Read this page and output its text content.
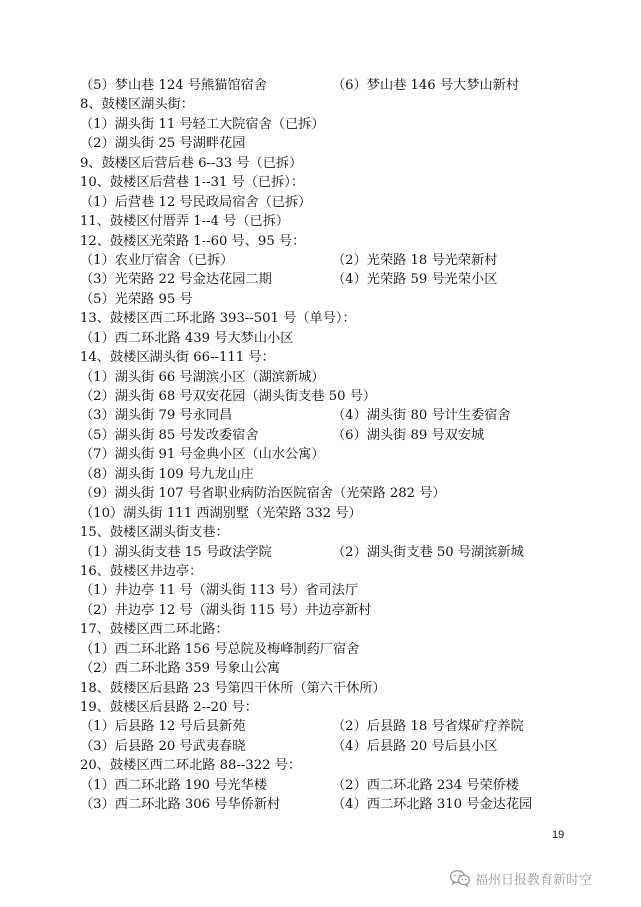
（5）梦山巷 124 号熊猫馆宿舍	（6）梦山巷 146 号大梦山新村
8、鼓楼区湖头街：
（1）湖头街 11 号轻工大院宿舍（已拆）
（2）湖头街 25 号湖畔花园
9、鼓楼区后营后巷 6--33 号（已拆）
10、鼓楼区后营巷 1--31 号（已拆）：
（1）后营巷 12 号民政局宿舍（已拆）
11、鼓楼区付厝弄 1--4 号（已拆）
12、鼓楼区光荣路 1--60 号、95 号：
（1）农业厅宿舍（已拆）	（2）光荣路 18 号光荣新村
（3）光荣路 22 号金达花园二期	（4）光荣路 59 号光荣小区
（5）光荣路 95 号
13、鼓楼区西二环北路 393--501 号（单号）：
（1）西二环北路 439 号大梦山小区
14、鼓楼区湖头街 66--111 号：
（1）湖头街 66 号湖滨小区（湖滨新城）
（2）湖头街 68 号双安花园（湖头街支巷 50 号）
（3）湖头街 79 号永同昌	（4）湖头街 80 号计生委宿舍
（5）湖头街 85 号发改委宿舍	（6）湖头街 89 号双安城
（7）湖头街 91 号金典小区（山水公寓）
（8）湖头街 109 号九龙山庄
（9）湖头街 107 号省职业病防治医院宿舍（光荣路 282 号）
（10）湖头街 111 西湖别墅（光荣路 332 号）
15、鼓楼区湖头街支巷：
（1）湖头街支巷 15 号政法学院	（2）湖头街支巷 50 号湖滨新城
16、鼓楼区井边亭：
（1）井边亭 11 号（湖头街 113 号）省司法厅
（2）井边亭 12 号（湖头街 115 号）井边亭新村
17、鼓楼区西二环北路：
（1）西二环北路 156 号总院及梅峰制药厂宿舍
（2）西二环北路 359 号象山公寓
18、鼓楼区后县路 23 号第四干休所（第六干休所）
19、鼓楼区后县路 2--20 号：
（1）后县路 12 号后县新苑	（2）后县路 18 号省煤矿疗养院
（3）后县路 20 号武夷春晓	（4）后县路 20 号后县小区
20、鼓楼区西二环北路 88--322 号：
（1）西二环北路 190 号光华楼	（2）西二环北路 234 号荣侨楼
（3）西二环北路 306 号华侨新村	（4）西二环北路 310 号金达花园
19
福州日报教育新时空
